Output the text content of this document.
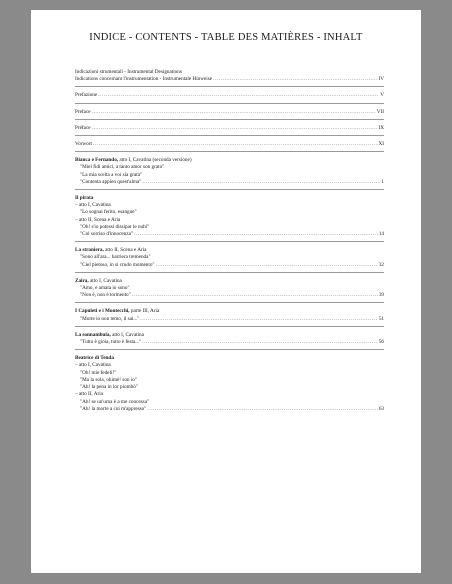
INDICE - CONTENTS - TABLE DES MATIÈRES - INHALT
Indicazioni strumentali - Instrumental Designations
Indications concernant l'instrumentation - Instrumentale Hinweise .....	IV
Prefazione .....	V
Preface .....	VII
Préface .....	IX
Vorwort .....	XI
Bianca e Fernando, atto I, Cavatina (seconda versione)
"Miei fidi amici, a tanto amor son grato"
"La mia scelta a voi sia grata"
"Contenta appien quest'alma" .....	1
Il pirata
– atto I, Cavatina
"Lo sognai ferito, esangue"
– atto II, Scena e Aria
"Oh! s'io potessi dissipar le nubi"
"Col sorriso d'innocenza" .....	14
La straniera, atto II, Scena e Aria
"Sono all'ara... barriera tremenda"
"Ciel pietoso, in sì crudo momento" .....	32
Zaira, atto I, Cavatina
"Amo, e amata io sono"
"Non è, non è tormento" .....	39
I Capuleti e i Montecchi, parte III, Aria
"Morte io non temo, il sai..." .....	51
La sonnambula, atto I, Cavatina
"Tutto è gioia, tutto è festa..." .....	56
Beatrice di Tenda
– atto I, Cavatina
"Oh! mie fedeli!"
"Ma la sola, ohimè! son io"
"Ah! la pena in lor piombò"
– atto II, Aria
"Ah! se un'urna è a me concessa"
"Ah! la morte a cui m'appresso" .....	63
